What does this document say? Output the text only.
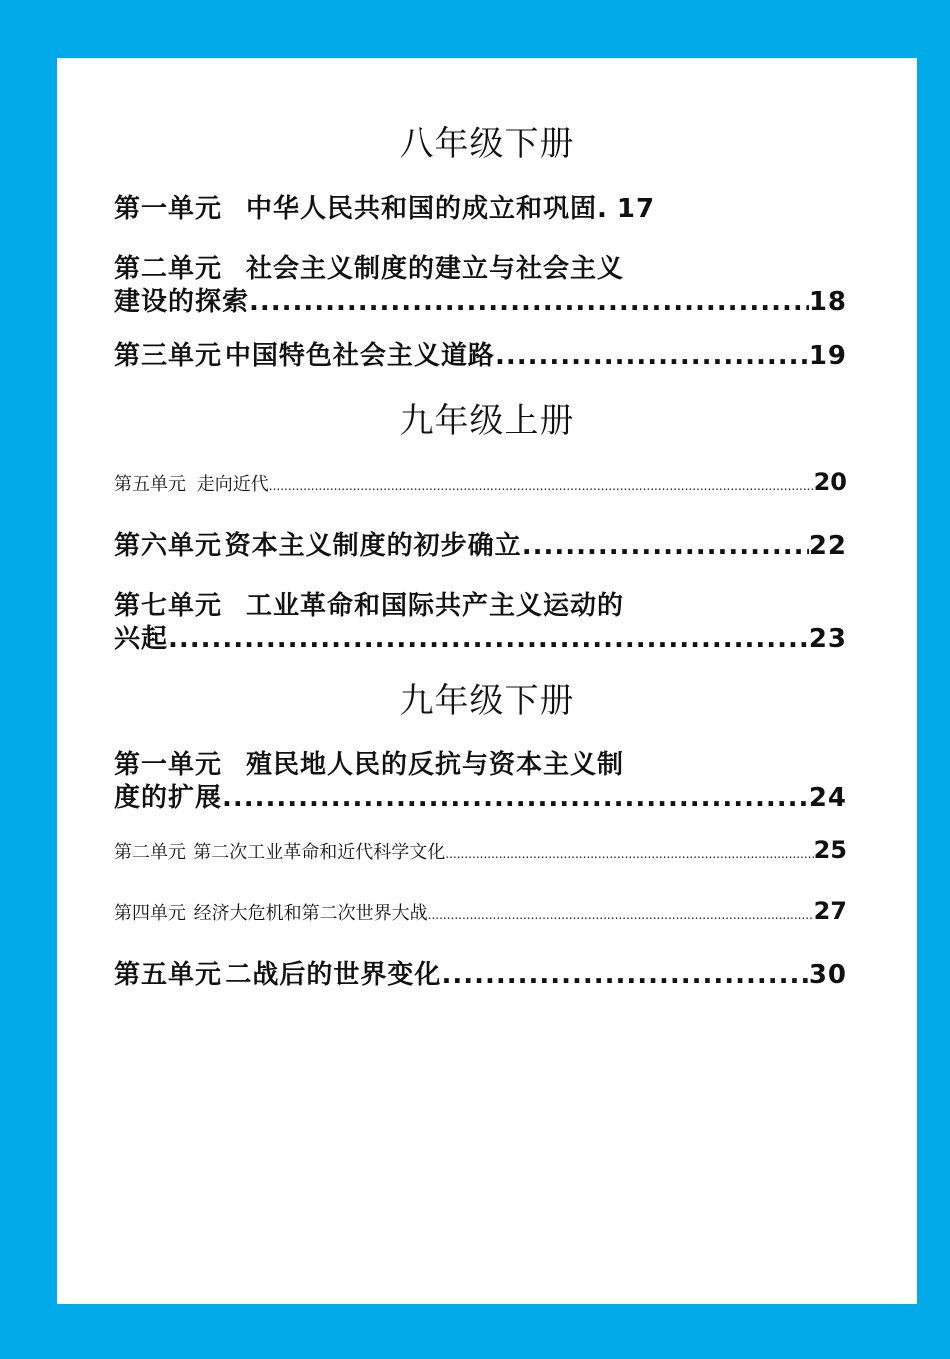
八年级下册
第一单元 中华人民共和国的成立和巩固 . 17
第二单元 社会主义制度的建立与社会主义
建设的探索 .....	18
第三单元 中国特色社会主义道路 .....	19
九年级上册
第五单元 走向近代 .....	20
第六单元 资本主义制度的初步确立 .....	22
第七单元 工业革命和国际共产主义运动的
兴起 .....	23
九年级下册
第一单元 殖民地人民的反抗与资本主义制
度的扩展 .....	24
第二单元 第二次工业革命和近代科学文化 .....	25
第四单元 经济大危机和第二次世界大战 .....	27
第五单元 二战后的世界变化 .....	30
